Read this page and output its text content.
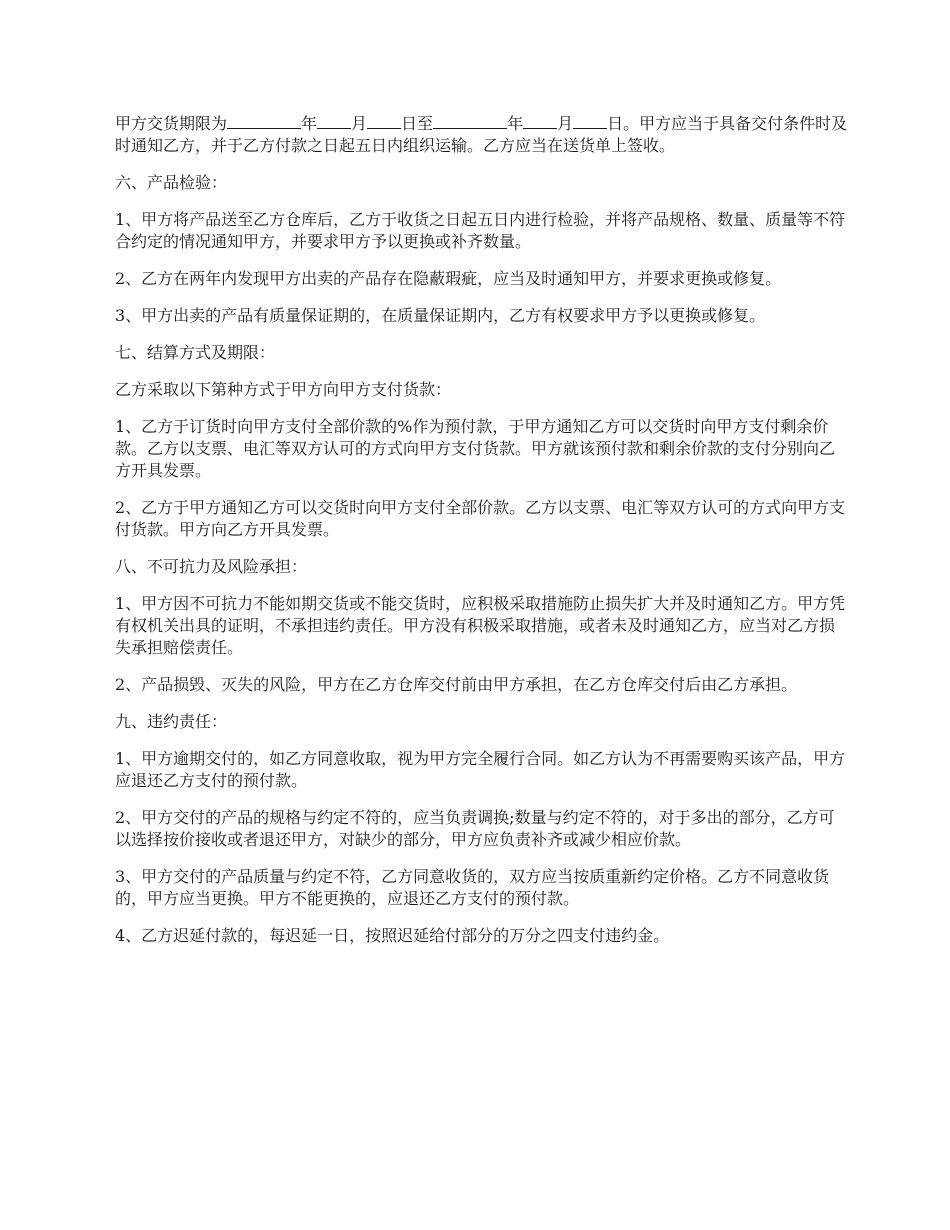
甲方交货期限为	年 月 日至	年 月 日。甲方应当于具备交付条件时及时通知乙方，并于乙方付款之日起五日内组织运输。乙方应当在送货单上签收。

六、产品检验：

1、甲方将产品送至乙方仓库后，乙方于收货之日起五日内进行检验，并将产品规格、数量、质量等不符合约定的情况通知甲方，并要求甲方予以更换或补齐数量。

2、乙方在两年内发现甲方出卖的产品存在隐蔽瑕疵，应当及时通知甲方，并要求更换或修复。

3、甲方出卖的产品有质量保证期的，在质量保证期内，乙方有权要求甲方予以更换或修复。

七、结算方式及期限：

乙方采取以下第种方式于甲方向甲方支付货款：

1、乙方于订货时向甲方支付全部价款的%作为预付款，于甲方通知乙方可以交货时向甲方支付剩余价款。乙方以支票、电汇等双方认可的方式向甲方支付货款。甲方就该预付款和剩余价款的支付分别向乙方开具发票。

2、乙方于甲方通知乙方可以交货时向甲方支付全部价款。乙方以支票、电汇等双方认可的方式向甲方支付货款。甲方向乙方开具发票。

八、不可抗力及风险承担：

1、甲方因不可抗力不能如期交货或不能交货时，应积极采取措施防止损失扩大并及时通知乙方。甲方凭有权机关出具的证明，不承担违约责任。甲方没有积极采取措施，或者未及时通知乙方，应当对乙方损失承担赔偿责任。

2、产品损毁、灭失的风险，甲方在乙方仓库交付前由甲方承担，在乙方仓库交付后由乙方承担。

九、违约责任：

1、甲方逾期交付的，如乙方同意收取，视为甲方完全履行合同。如乙方认为不再需要购买该产品，甲方应退还乙方支付的预付款。

2、甲方交付的产品的规格与约定不符的，应当负责调换;数量与约定不符的，对于多出的部分，乙方可以选择按价接收或者退还甲方，对缺少的部分，甲方应负责补齐或减少相应价款。

3、甲方交付的产品质量与约定不符，乙方同意收货的，双方应当按质重新约定价格。乙方不同意收货的，甲方应当更换。甲方不能更换的，应退还乙方支付的预付款。

4、乙方迟延付款的，每迟延一日，按照迟延给付部分的万分之四支付违约金。
